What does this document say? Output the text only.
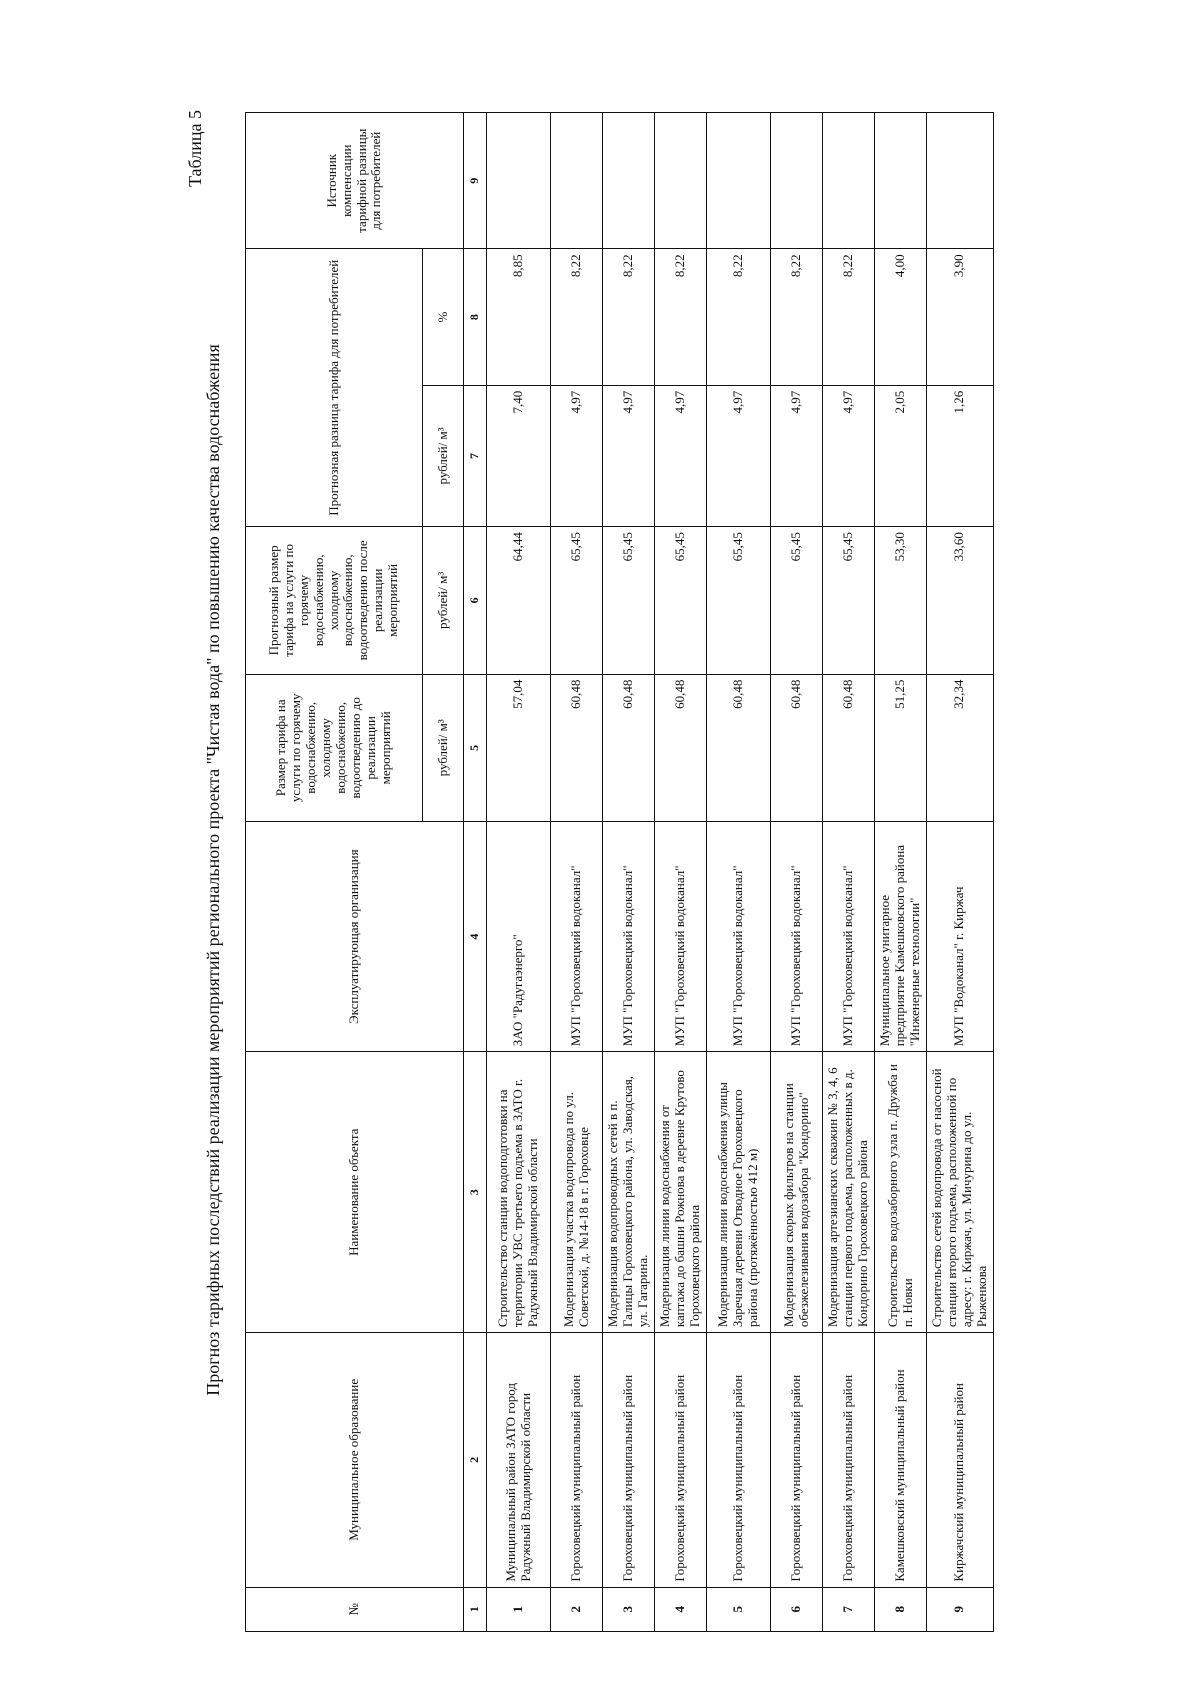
Таблица 5
Прогноз тарифных последствий реализации мероприятий регионального проекта "Чистая вода" по повышению качества водоснабжения
№	Муниципальное образование	Наименование объекта	Эксплуатирующая организация	Размер тарифа на услуги по горячему водоснабжению, холодному водоснабжению, водоотведению до реализации мероприятий	Прогнозный размер тарифа на услуги по горячему водоснабжению, холодному водоснабжению, водоотведению после реализации мероприятий	Прогнозная разница тарифа для потребителей		Источник компенсации тарифной разницы для потребителей
				рублей/ м³	рублей/ м³	рублей/ м³	%	
1	2	3	4	5	6	7	8	9
1	Муниципальный район ЗАТО город Радужный Владимирской области	Строительство станции водоподготовки на территории УВС третьего подъема в ЗАТО г. Радужный Владимирской области	ЗАО "Радугаэнерго"	57,04	64,44	7,40	8,85	
2	Гороховецкий муниципальный район	Модернизация участка водопровода по ул. Советской, д. №14-18 в г. Гороховце	МУП "Гороховецкий водоканал"	60,48	65,45	4,97	8,22	
3	Гороховецкий муниципальный район	Модернизация водопроводных сетей в п. Галицы Гороховецкого района, ул. Заводская, ул. Гагарина.	МУП "Гороховецкий водоканал"	60,48	65,45	4,97	8,22	
4	Гороховецкий муниципальный район	Модернизация линии водоснабжения от каптажа до башни Рожнова в деревне Крутово Гороховецкого района	МУП "Гороховецкий водоканал"	60,48	65,45	4,97	8,22	
5	Гороховецкий муниципальный район	Модернизация линии водоснабжения улицы Заречная деревни Отводное Гороховецкого района (протяжённостью 412 м)	МУП "Гороховецкий водоканал"	60,48	65,45	4,97	8,22	
6	Гороховецкий муниципальный район	Модернизация скорых фильтров на станции обезжелезивания водозабора "Кондорино"	МУП "Гороховецкий водоканал"	60,48	65,45	4,97	8,22	
7	Гороховецкий муниципальный район	Модернизация артезианских скважин № 3, 4, 6 станции первого подъема, расположенных в д. Кондорино Гороховецкого района	МУП "Гороховецкий водоканал"	60,48	65,45	4,97	8,22	
8	Камешковский муниципальный район	Строительство водозаборного узла п. Дружба и п. Новки	Муниципальное унитарное предприятие Камешковского района "Инженерные технологии"	51,25	53,30	2,05	4,00	
9	Киржачский муниципальный район	Строительство сетей водопровода от насосной станции второго подъема, расположенной по адресу: г. Киржач, ул. Мичурина до ул. Рыженкова	МУП "Водоканал" г. Киржач	32,34	33,60	1,26	3,90	
